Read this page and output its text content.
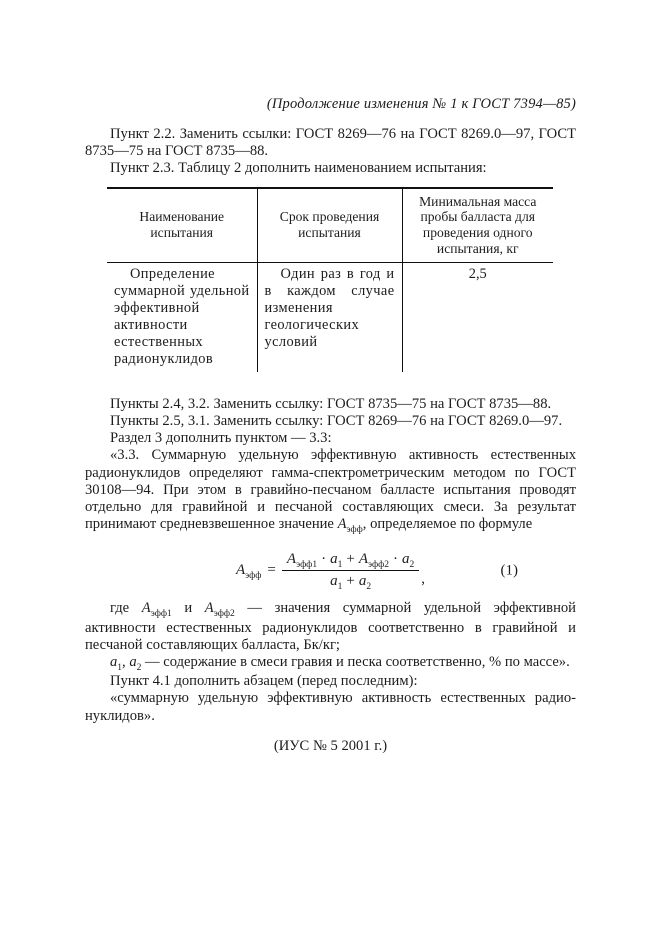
(Продолжение изменения № 1 к ГОСТ 7394—85)

Пункт 2.2. Заменить ссылки: ГОСТ 8269—76 на ГОСТ 8269.0—97, ГОСТ 8735—75 на ГОСТ 8735—88.

Пункт 2.3. Таблицу 2 дополнить наименованием испытания:

Наименование испытания	Срок проведения испытания	Минимальная масса пробы балласта для проведения одного испытания, кг
Определение суммарной удельной эффективной активности естественных радионуклидов	Один раз в год и в каждом случае изменения геологических условий	2,5

Пункты 2.4, 3.2. Заменить ссылку: ГОСТ 8735—75 на ГОСТ 8735—88.

Пункты 2.5, 3.1. Заменить ссылку: ГОСТ 8269—76 на ГОСТ 8269.0—97.

Раздел 3 дополнить пунктом — 3.3:

«3.3. Суммарную удельную эффективную активность естественных радионуклидов определяют гамма-спектрометрическим методом по ГОСТ 30108—94. При этом в гравийно-песчаном балласте испытания проводят отдельно для гравийной и песчаной составляющих смеси. За результат принимают средневзвешенное значение $A_{эфф}$, определяемое по формуле

$A_{эфф} = \frac{A_{эфф1} \cdot a_1 + A_{эфф2} \cdot a_2}{a_1 + a_2}$ ,
(1)

где $A_{эфф1}$ и $A_{эфф2}$ — значения суммарной удельной эффективной активности естественных радионуклидов соответственно в гравийной и песчаной составляющих балласта, Бк/кг;

$a_1$, $a_2$ — содержание в смеси гравия и песка соответственно, % по массе».

Пункт 4.1 дополнить абзацем (перед последним):

«суммарную удельную эффективную активность естественных радионуклидов».

(ИУС № 5 2001 г.)
